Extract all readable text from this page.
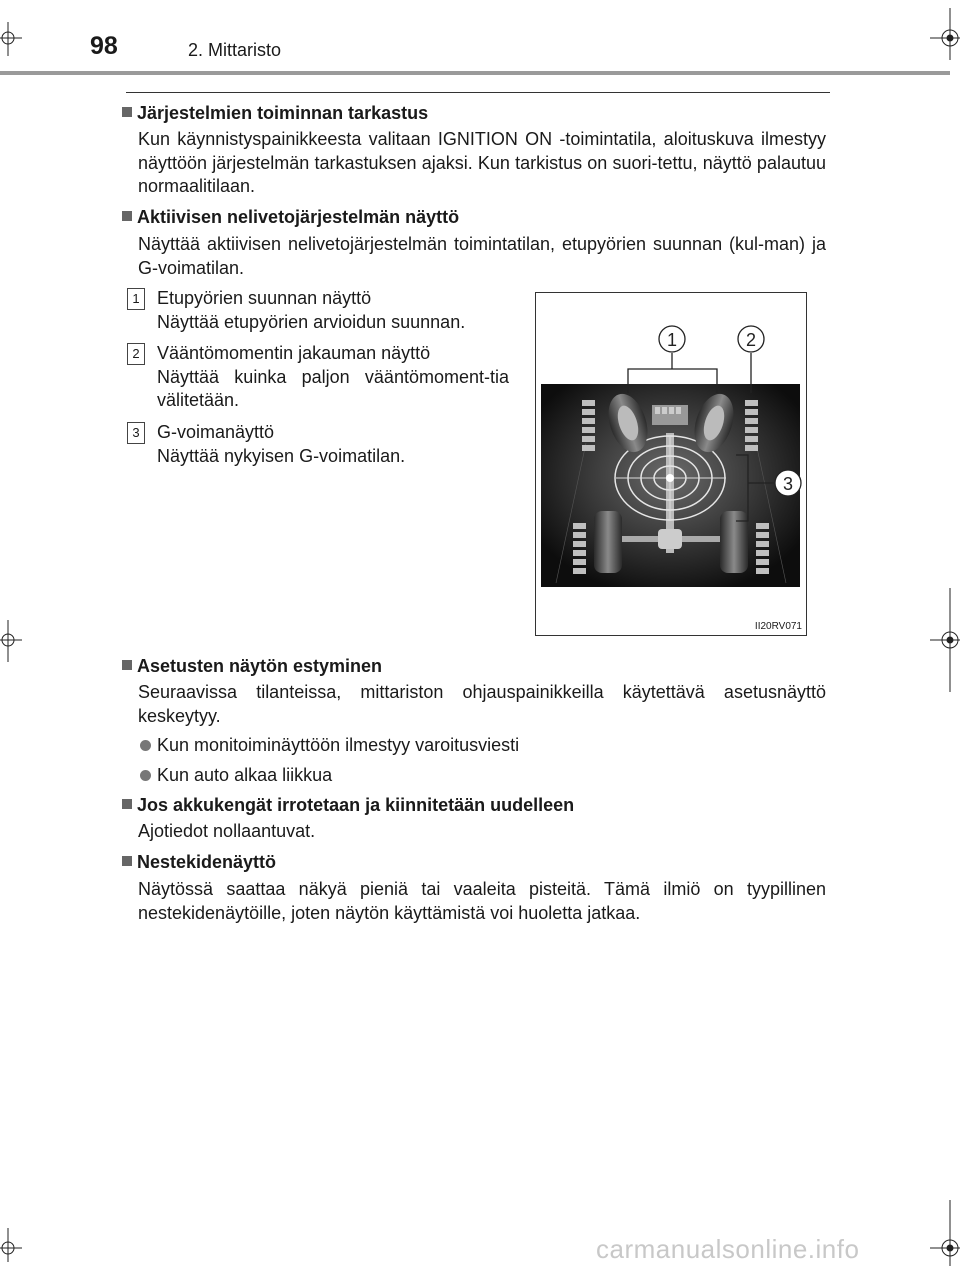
98	2. Mittaristo
Järjestelmien toiminnan tarkastus
Kun käynnistyspainikkeesta valitaan IGNITION ON -toimintatila, aloituskuva ilmestyy näyttöön järjestelmän tarkastuksen ajaksi. Kun tarkistus on suori-tettu, näyttö palautuu normaalitilaan.
Aktiivisen nelivetojärjestelmän näyttö
Näyttää aktiivisen nelivetojärjestelmän toimintatilan, etupyörien suunnan (kul-man) ja G-voimatilan.
1 Etupyörien suunnan näyttö
Näyttää etupyörien arvioidun suunnan.
2 Vääntömomentin jakauman näyttö
Näyttää kuinka paljon vääntömoment-tia välitetään.
3 G-voimanäyttö
Näyttää nykyisen G-voimatilan.
1	2
3
II20RV071
Asetusten näytön estyminen
Seuraavissa tilanteissa, mittariston ohjauspainikkeilla käytettävä asetusnäyttö keskeytyy.
Kun monitoiminäyttöön ilmestyy varoitusviesti
Kun auto alkaa liikkua
Jos akkukengät irrotetaan ja kiinnitetään uudelleen
Ajotiedot nollaantuvat.
Nestekidenäyttö
Näytössä saattaa näkyä pieniä tai vaaleita pisteitä. Tämä ilmiö on tyypillinen nestekidenäytöille, joten näytön käyttämistä voi huoletta jatkaa.
carmanualsonline.info
